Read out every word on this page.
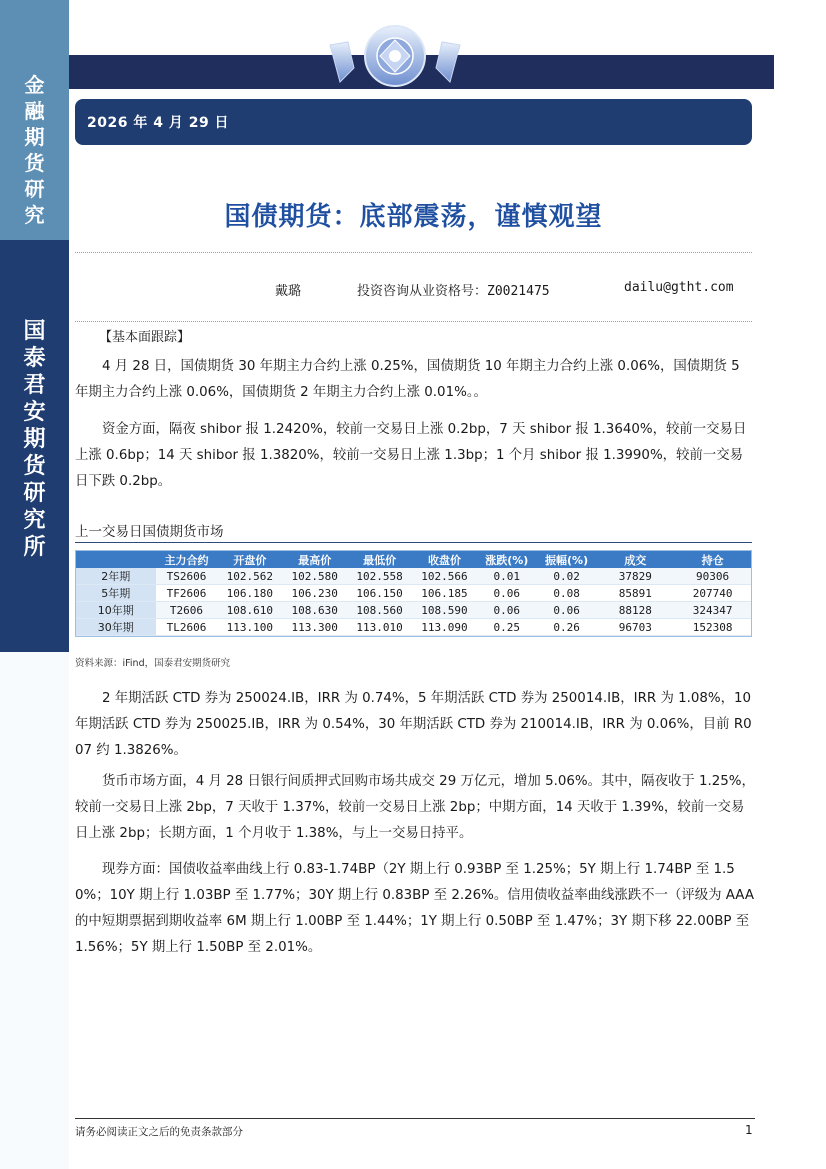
金
融
期
货
研
究
国
泰
君
安
期
货
研
究
所
2026 年 4 月 29 日
国债期货：底部震荡，谨慎观望
戴璐	投资咨询从业资格号：Z0021475	dailu@gtht.com
【基本面跟踪】
4 月 28 日，国债期货 30 年期主力合约上涨 0.25%，国债期货 10 年期主力合约上涨 0.06%，国债期货 5 年期主力合约上涨 0.06%，国债期货 2 年期主力合约上涨 0.01%。。
资金方面，隔夜 shibor 报 1.2420%，较前一交易日上涨 0.2bp，7 天 shibor 报 1.3640%，较前一交易日上涨 0.6bp；14 天 shibor 报 1.3820%，较前一交易日上涨 1.3bp；1 个月 shibor 报 1.3990%，较前一交易日下跌 0.2bp。
上一交易日国债期货市场
	主力合约	开盘价	最高价	最低价	收盘价	涨跌(%)	振幅(%)	成交	持仓
2年期	TS2606	102.562	102.580	102.558	102.566	0.01	0.02	37829	90306
5年期	TF2606	106.180	106.230	106.150	106.185	0.06	0.08	85891	207740
10年期	T2606	108.610	108.630	108.560	108.590	0.06	0.06	88128	324347
30年期	TL2606	113.100	113.300	113.010	113.090	0.25	0.26	96703	152308
资料来源：iFind，国泰君安期货研究
2 年期活跃 CTD 券为 250024.IB，IRR 为 0.74%，5 年期活跃 CTD 券为 250014.IB，IRR 为 1.08%，10 年期活跃 CTD 券为 250025.IB，IRR 为 0.54%，30 年期活跃 CTD 券为 210014.IB，IRR 为 0.06%，目前 R007 约 1.3826%。
货币市场方面，4 月 28 日银行间质押式回购市场共成交 29 万亿元，增加 5.06%。其中，隔夜收于 1.25%，较前一交易日上涨 2bp，7 天收于 1.37%，较前一交易日上涨 2bp；中期方面，14 天收于 1.39%，较前一交易日上涨 2bp；长期方面，1 个月收于 1.38%，与上一交易日持平。
现券方面：国债收益率曲线上行 0.83-1.74BP（2Y 期上行 0.93BP 至 1.25%；5Y 期上行 1.74BP 至 1.50%；10Y 期上行 1.03BP 至 1.77%；30Y 期上行 0.83BP 至 2.26%。信用债收益率曲线涨跌不一（评级为 AAA 的中短期票据到期收益率 6M 期上行 1.00BP 至 1.44%；1Y 期上行 0.50BP 至 1.47%；3Y 期下移 22.00BP 至 1.56%；5Y 期上行 1.50BP 至 2.01%。
请务必阅读正文之后的免责条款部分	1
